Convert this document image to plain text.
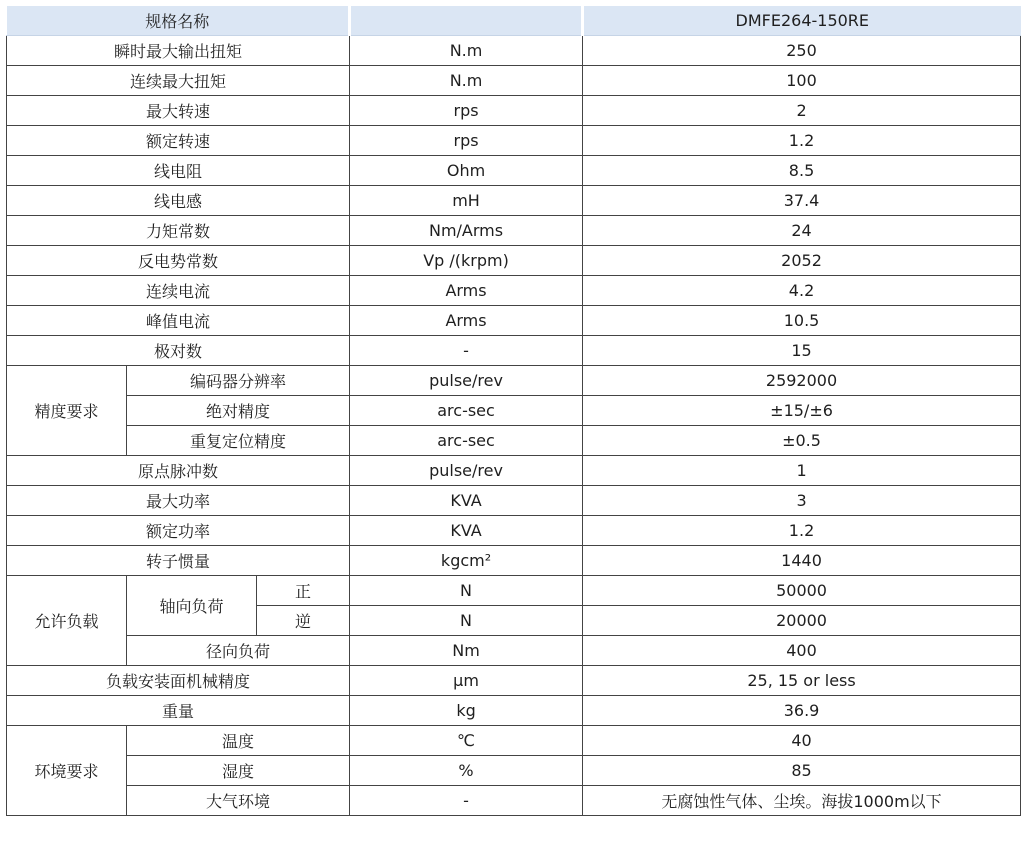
规格名称				DMFE264-150RE
瞬时最大输出扭矩			N.m	250
连续最大扭矩			N.m	100
最大转速			rps	2
额定转速			rps	1.2
线电阻			Ohm	8.5
线电感			mH	37.4
力矩常数			Nm/Arms	24
反电势常数			Vp /(krpm)	2052
连续电流			Arms	4.2
峰值电流			Arms	10.5
极对数			-	15
精度要求	编码器分辨率		pulse/rev	2592000
	绝对精度		arc-sec	±15/±6
	重复定位精度		arc-sec	±0.5
原点脉冲数			pulse/rev	1
最大功率			KVA	3
额定功率			KVA	1.2
转子惯量			kgcm²	1440
允许负载	轴向负荷	正	N	50000
		逆	N	20000
	径向负荷		Nm	400
负载安装面机械精度			μm	25, 15 or less
重量			kg	36.9
环境要求	温度		℃	40
	湿度		%	85
	大气环境		-	无腐蚀性气体、尘埃。海拔1000m以下
